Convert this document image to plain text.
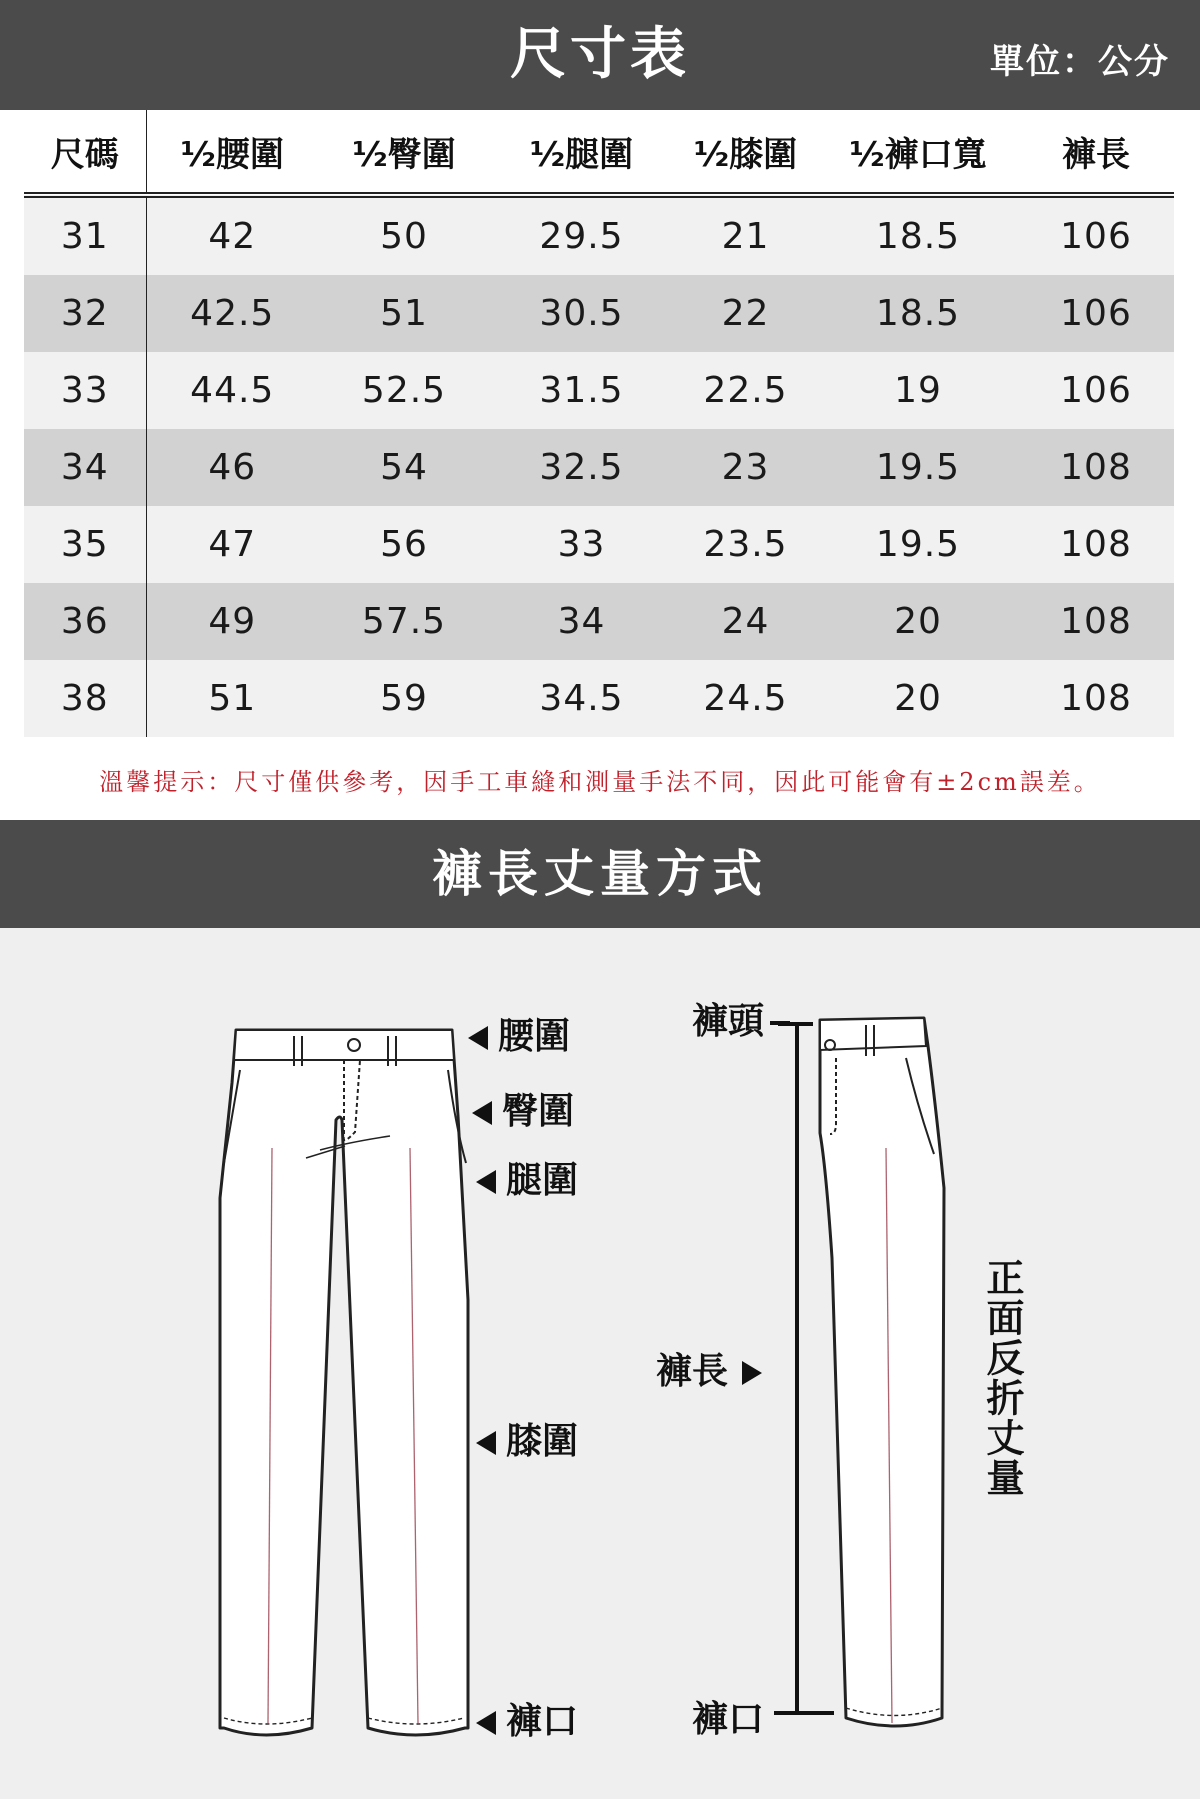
尺寸表	單位：公分
尺碼	½腰圍	½臀圍	½腿圍	½膝圍	½褲口寬	褲長
31	42	50	29.5	21	18.5	106
32	42.5	51	30.5	22	18.5	106
33	44.5	52.5	31.5	22.5	19	106
34	46	54	32.5	23	19.5	108
35	47	56	33	23.5	19.5	108
36	49	57.5	34	24	20	108
38	51	59	34.5	24.5	20	108
溫馨提示：尺寸僅供參考，因手工車縫和測量手法不同，因此可能會有±2cm誤差。
褲長丈量方式
腰圍
臀圍
腿圍
膝圍
褲口
褲頭
褲長
褲口
正面反折丈量
